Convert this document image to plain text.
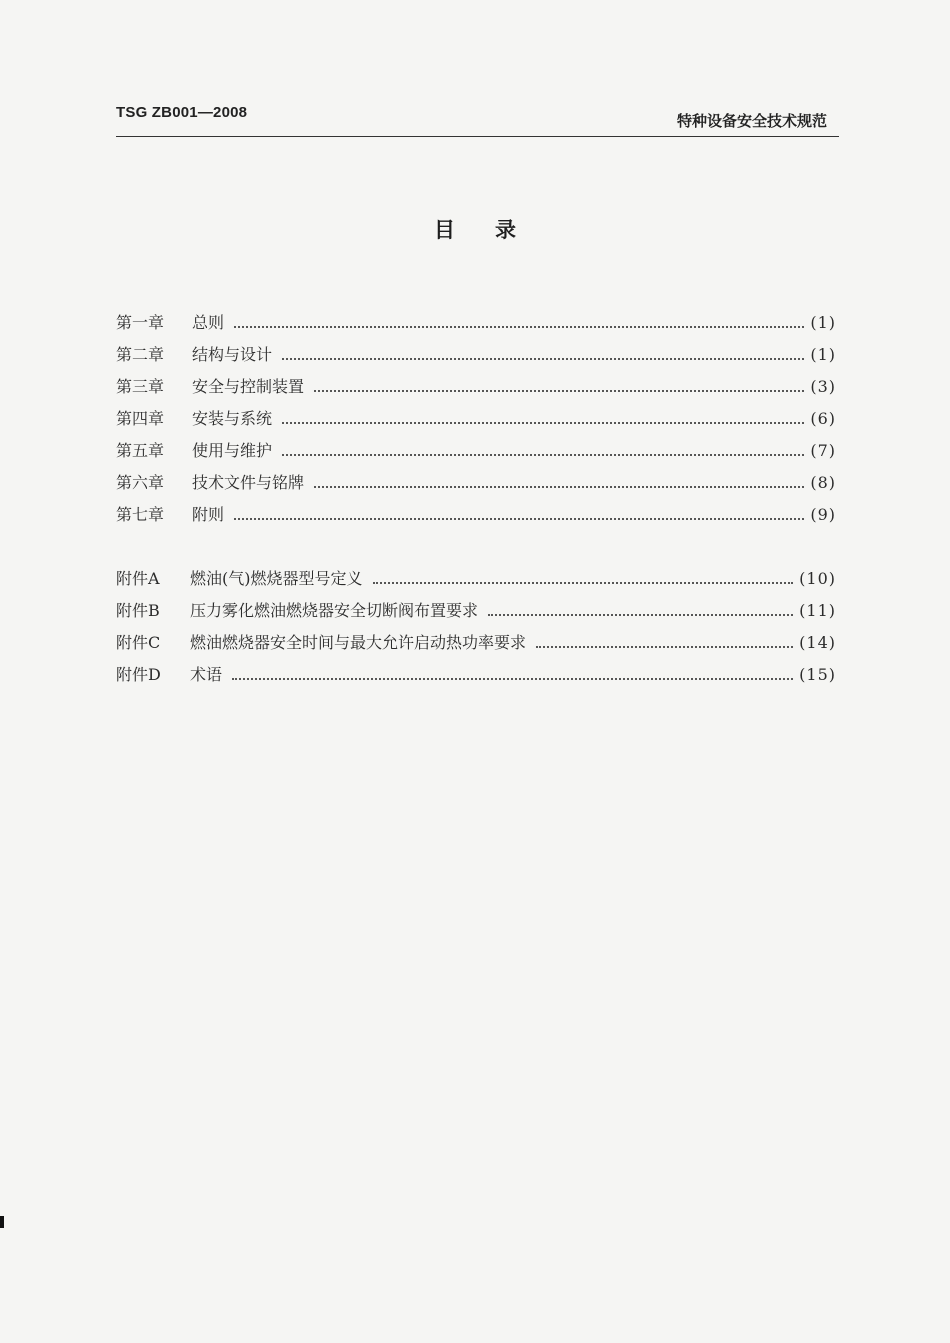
TSG ZB001—2008	特种设备安全技术规范
目录
第一章	总则	(1)
第二章	结构与设计	(1)
第三章	安全与控制装置	(3)
第四章	安装与系统	(6)
第五章	使用与维护	(7)
第六章	技术文件与铭牌	(8)
第七章	附则	(9)
附件A	燃油(气)燃烧器型号定义	(10)
附件B	压力雾化燃油燃烧器安全切断阀布置要求	(11)
附件C	燃油燃烧器安全时间与最大允许启动热功率要求	(14)
附件D	术语	(15)
